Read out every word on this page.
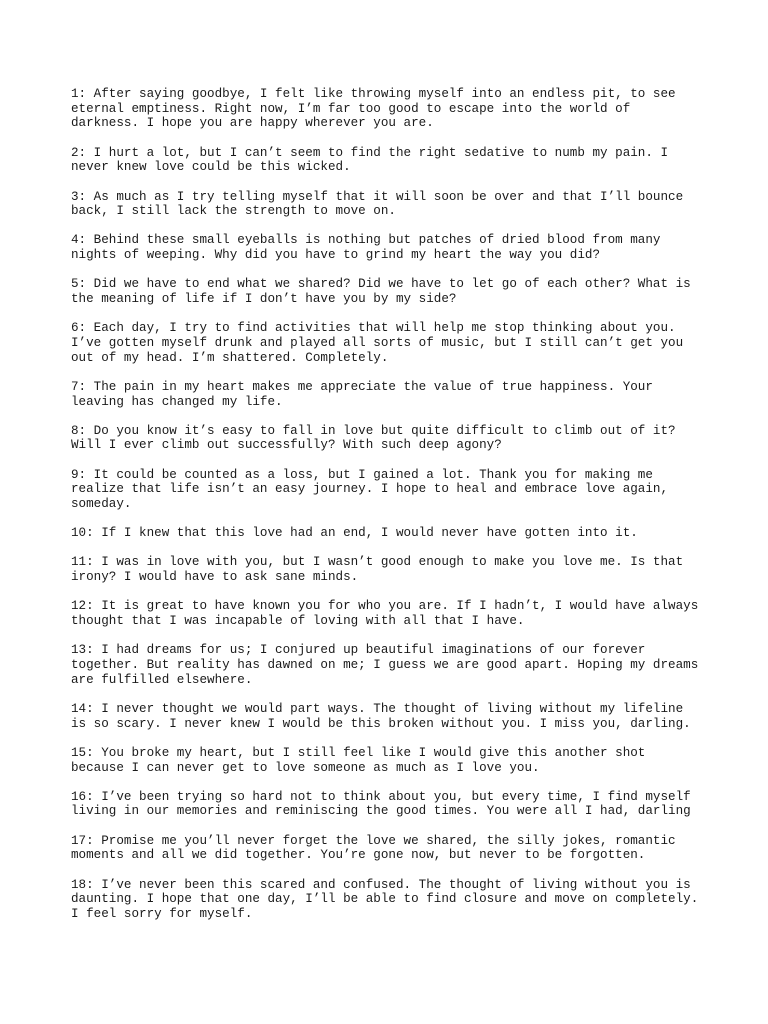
1: After saying goodbye, I felt like throwing myself into an endless pit, to see
eternal emptiness. Right now, I’m far too good to escape into the world of
darkness. I hope you are happy wherever you are.

2: I hurt a lot, but I can’t seem to find the right sedative to numb my pain. I
never knew love could be this wicked.

3: As much as I try telling myself that it will soon be over and that I’ll bounce
back, I still lack the strength to move on.

4: Behind these small eyeballs is nothing but patches of dried blood from many
nights of weeping. Why did you have to grind my heart the way you did?

5: Did we have to end what we shared? Did we have to let go of each other? What is
the meaning of life if I don’t have you by my side?

6: Each day, I try to find activities that will help me stop thinking about you.
I’ve gotten myself drunk and played all sorts of music, but I still can’t get you
out of my head. I’m shattered. Completely.

7: The pain in my heart makes me appreciate the value of true happiness. Your
leaving has changed my life.

8: Do you know it’s easy to fall in love but quite difficult to climb out of it?
Will I ever climb out successfully? With such deep agony?

9: It could be counted as a loss, but I gained a lot. Thank you for making me
realize that life isn’t an easy journey. I hope to heal and embrace love again,
someday.

10: If I knew that this love had an end, I would never have gotten into it.

11: I was in love with you, but I wasn’t good enough to make you love me. Is that
irony? I would have to ask sane minds.

12: It is great to have known you for who you are. If I hadn’t, I would have always
thought that I was incapable of loving with all that I have.

13: I had dreams for us; I conjured up beautiful imaginations of our forever
together. But reality has dawned on me; I guess we are good apart. Hoping my dreams
are fulfilled elsewhere.

14: I never thought we would part ways. The thought of living without my lifeline
is so scary. I never knew I would be this broken without you. I miss you, darling.

15: You broke my heart, but I still feel like I would give this another shot
because I can never get to love someone as much as I love you.

16: I’ve been trying so hard not to think about you, but every time, I find myself
living in our memories and reminiscing the good times. You were all I had, darling

17: Promise me you’ll never forget the love we shared, the silly jokes, romantic
moments and all we did together. You’re gone now, but never to be forgotten.

18: I’ve never been this scared and confused. The thought of living without you is
daunting. I hope that one day, I’ll be able to find closure and move on completely.
I feel sorry for myself.
